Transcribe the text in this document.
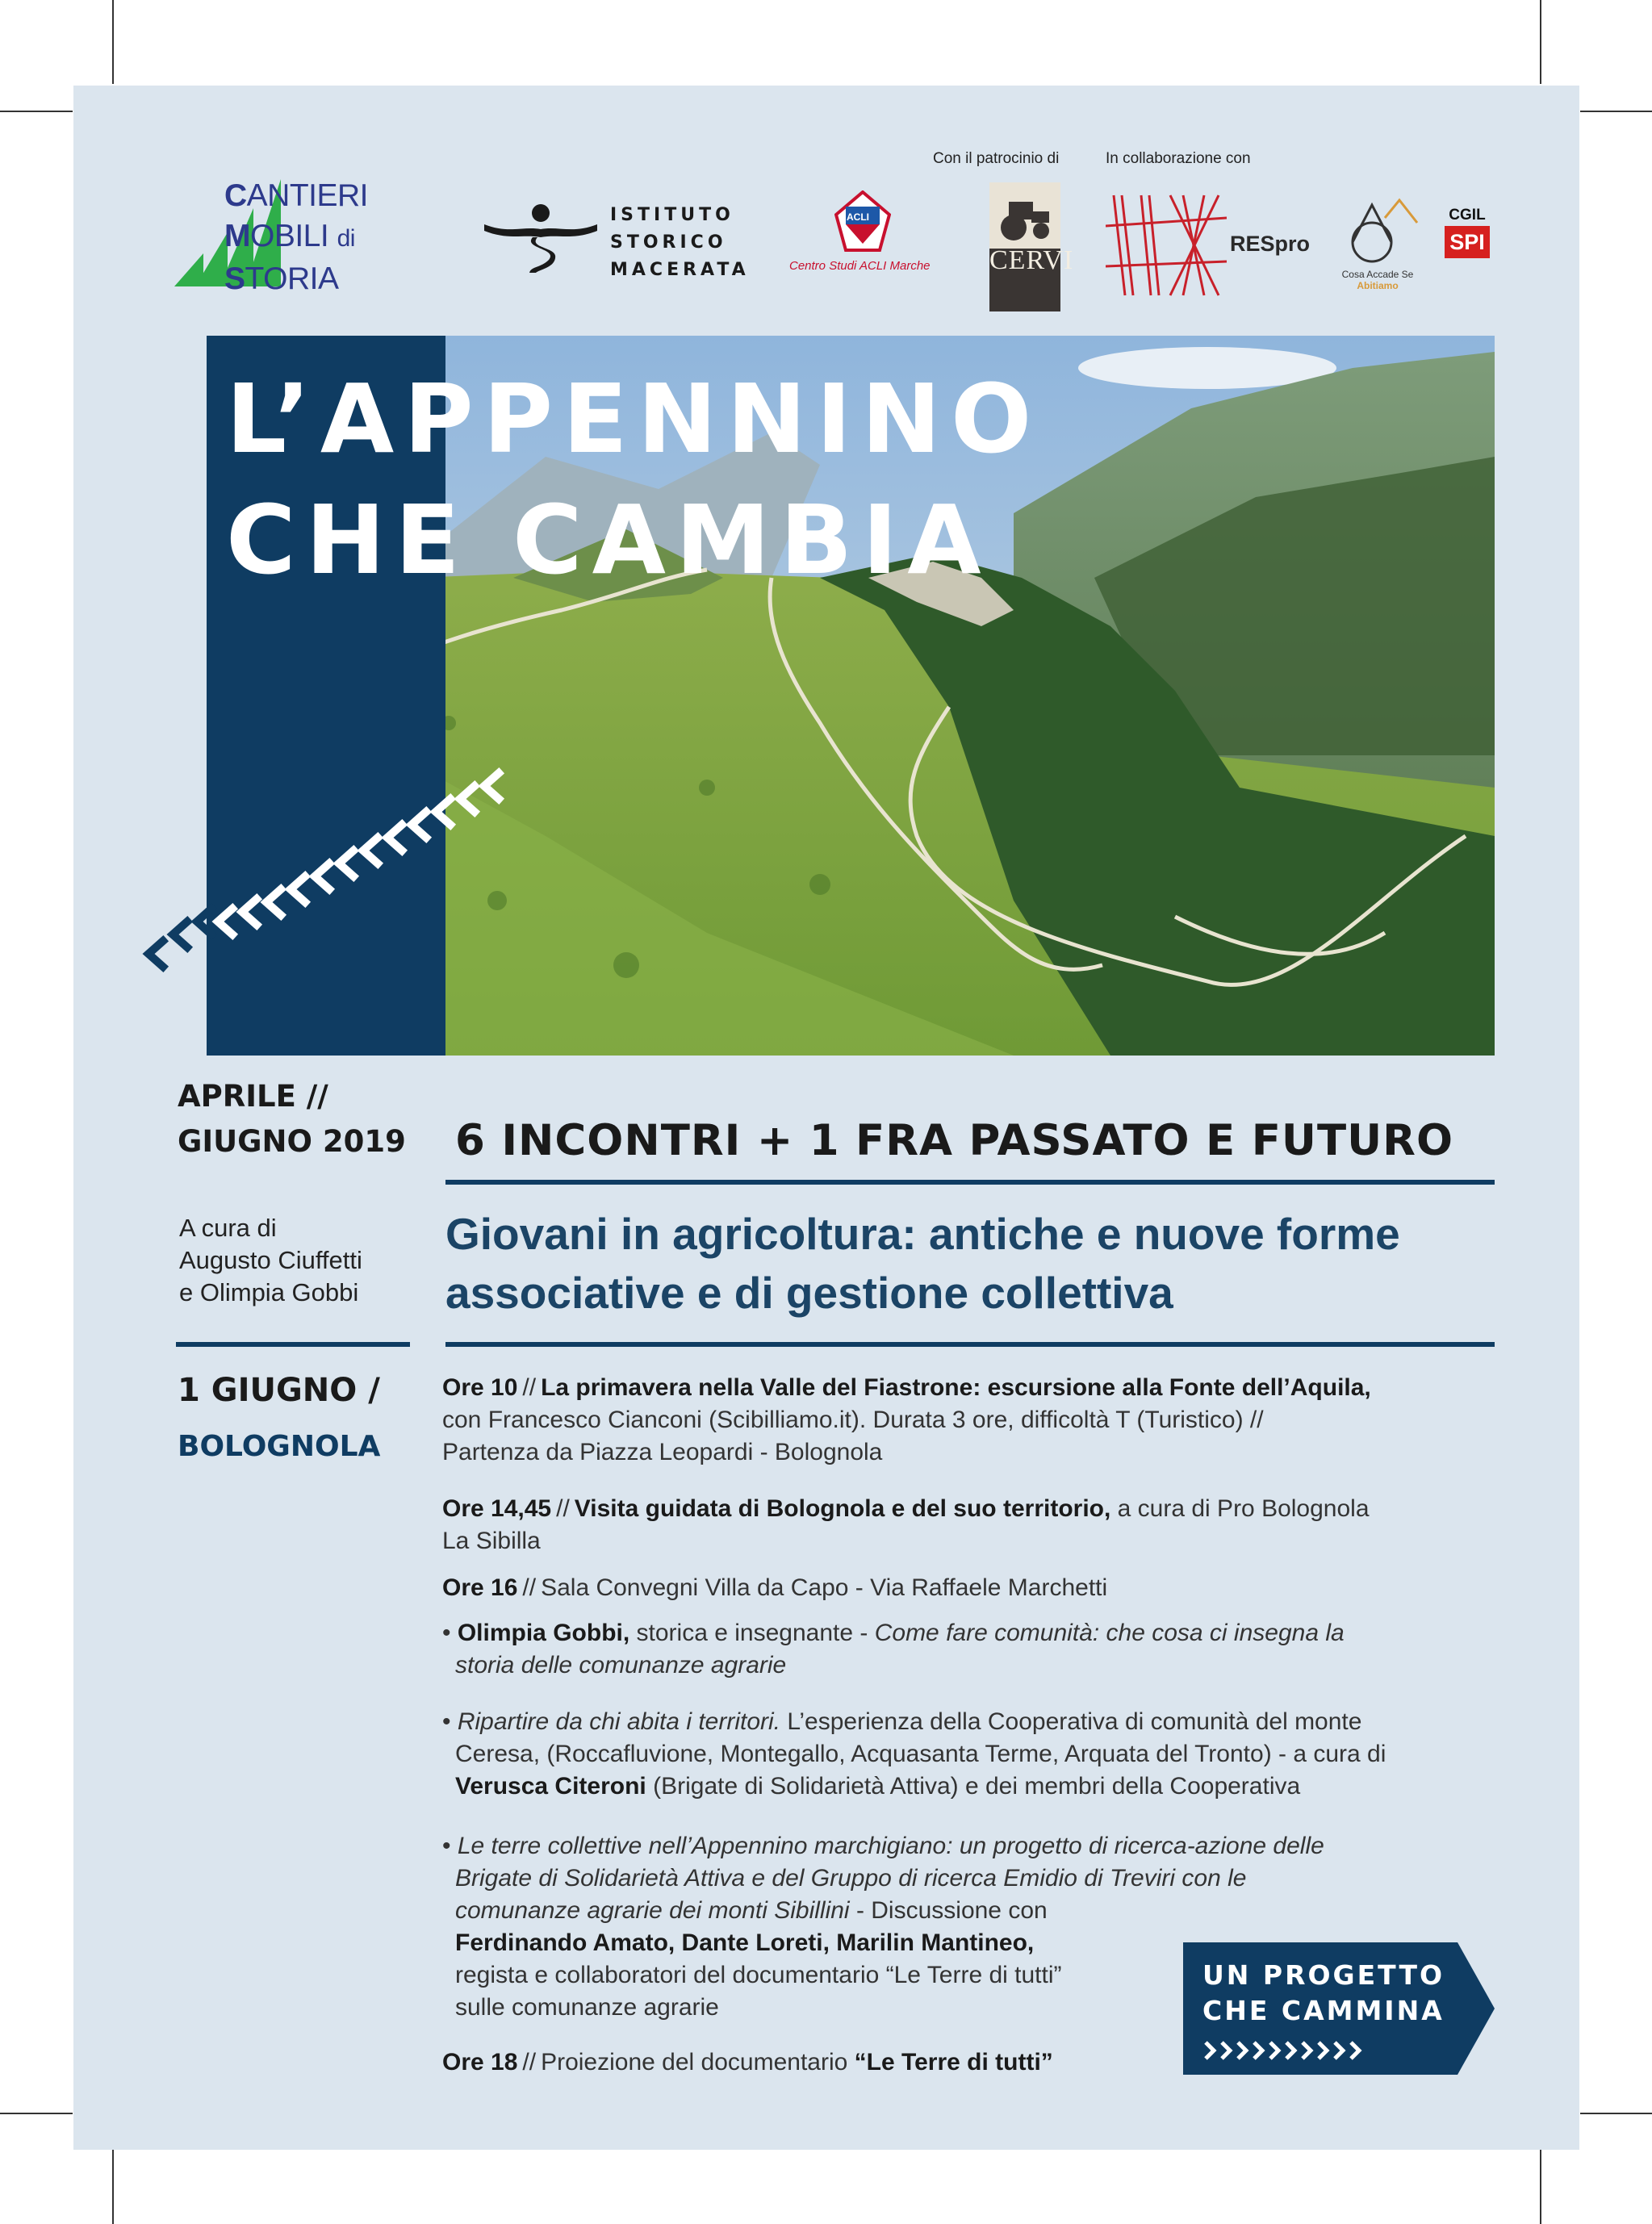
CANTIERI
MOBILI di
STORIA
ISTITUTO
STORICO
MACERATA
Con il patrocinio di	In collaborazione con
ACLI
Centro Studi ACLI Marche CERVI
RESpro
Cosa Accade Se
Abitiamo
CGIL
SPI
L’APPENNINO
CHE CAMBIA
APRILE //
GIUGNO 2019 6 INCONTRI + 1 FRA PASSATO E FUTURO
A cura di
Augusto Ciuffetti
e Olimpia Gobbi
Giovani in agricoltura: antiche e nuove forme associative e di gestione collettiva
1 GIUGNO /
BOLOGNOLA
Ore 10 // La primavera nella Valle del Fiastrone: escursione alla Fonte dell’Aquila,
con Francesco Cianconi (Scibilliamo.it). Durata 3 ore, difficoltà T (Turistico) //
Partenza da Piazza Leopardi - Bolognola
Ore 14,45 // Visita guidata di Bolognola e del suo territorio, a cura di Pro Bolognola
La Sibilla
Ore 16 // Sala Convegni Villa da Capo - Via Raffaele Marchetti
• Olimpia Gobbi, storica e insegnante - Come fare comunità: che cosa ci insegna la
storia delle comunanze agrarie
• Ripartire da chi abita i territori. L’esperienza della Cooperativa di comunità del monte
Ceresa, (Roccafluvione, Montegallo, Acquasanta Terme, Arquata del Tronto) - a cura di
Verusca Citeroni (Brigate di Solidarietà Attiva) e dei membri della Cooperativa
• Le terre collettive nell’Appennino marchigiano: un progetto di ricerca-azione delle
Brigate di Solidarietà Attiva e del Gruppo di ricerca Emidio di Treviri con le
comunanze agrarie dei monti Sibillini - Discussione con
Ferdinando Amato, Dante Loreti, Marilin Mantineo,
regista e collaboratori del documentario “Le Terre di tutti”
sulle comunanze agrarie
Ore 18 // Proiezione del documentario “Le Terre di tutti”
UN PROGETTO
CHE CAMMINA
